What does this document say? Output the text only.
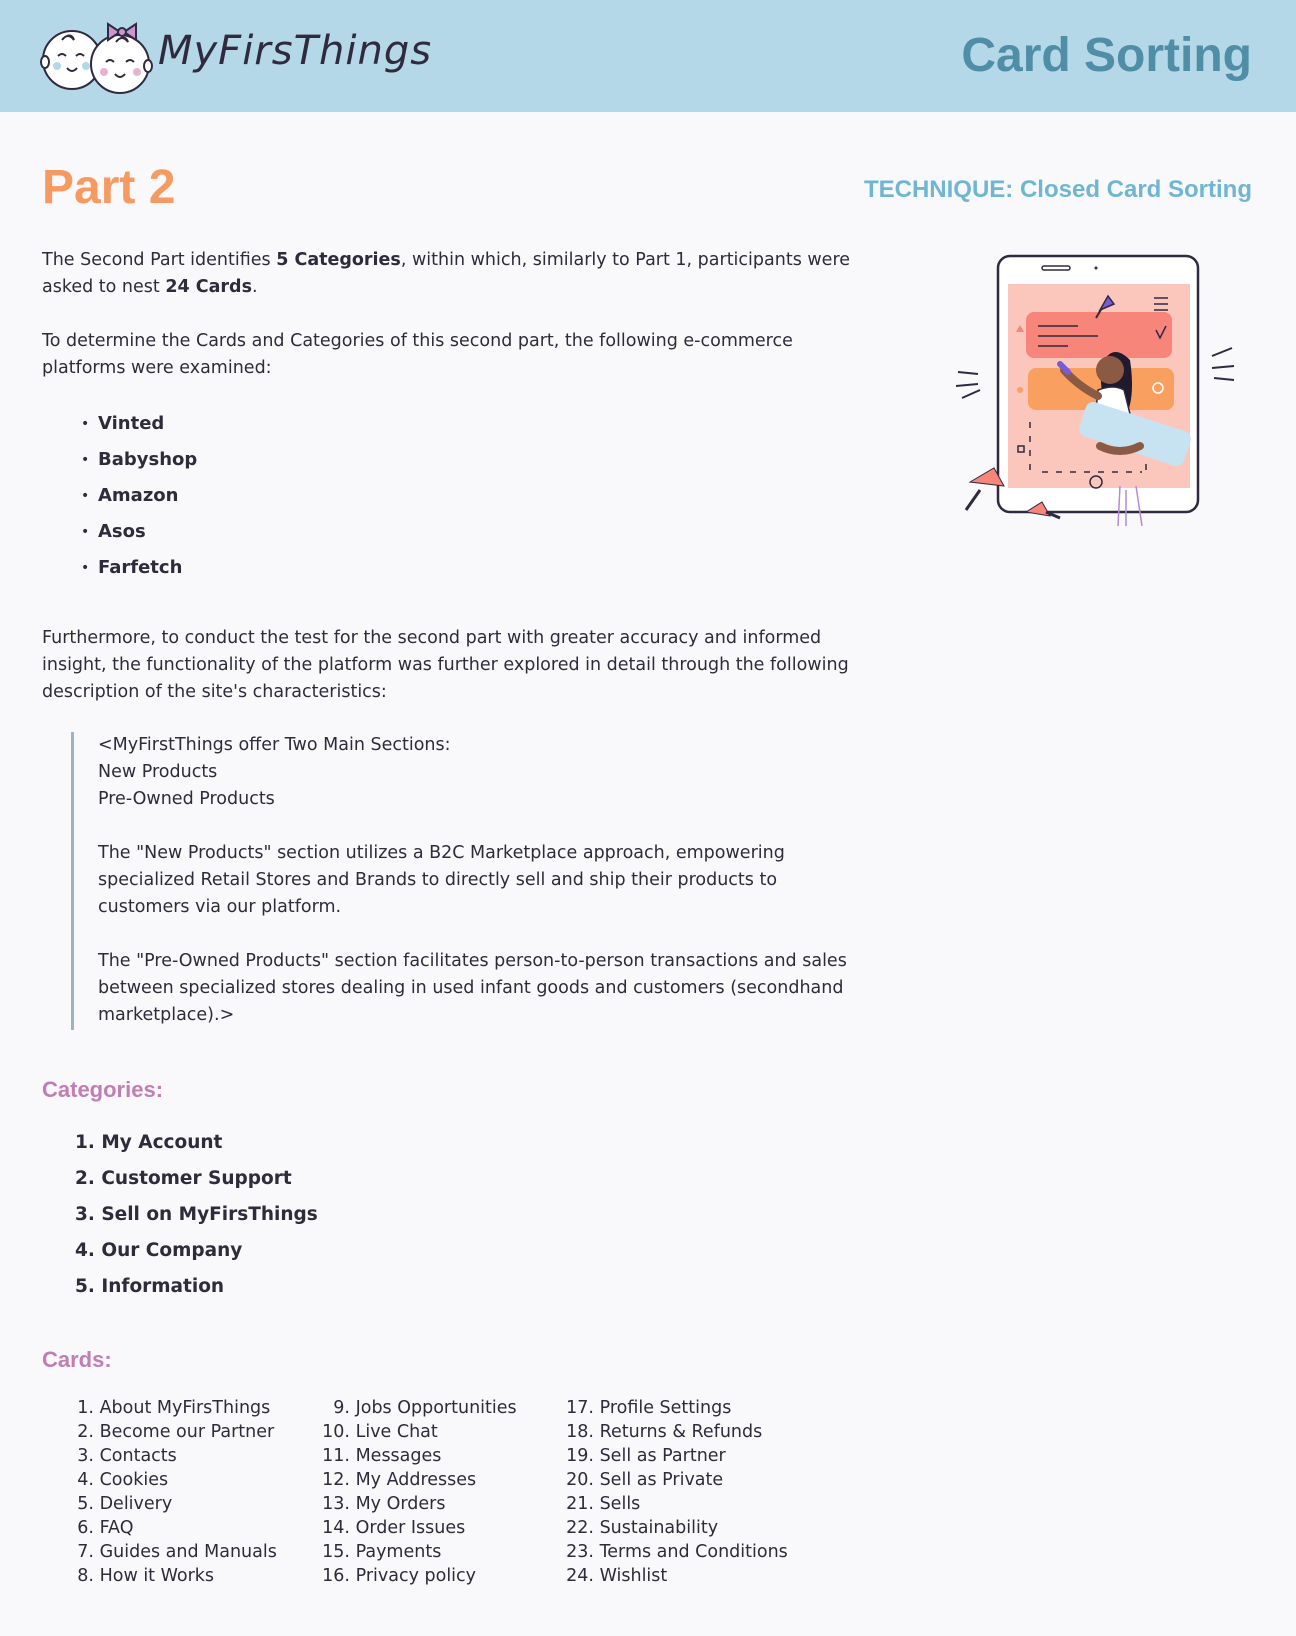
MyFirsThings	Card Sorting
Part 2	TECHNIQUE: Closed Card Sorting

The Second Part identifies 5 Categories, within which, similarly to Part 1, participants were asked to nest 24 Cards.

To determine the Cards and Categories of this second part, the following e-commerce platforms were examined:

• Vinted
• Babyshop
• Amazon
• Asos
• Farfetch

Furthermore, to conduct the test for the second part with greater accuracy and informed insight, the functionality of the platform was further explored in detail through the following description of the site's characteristics:

<MyFirstThings offer Two Main Sections:
New Products
Pre-Owned Products

The "New Products" section utilizes a B2C Marketplace approach, empowering specialized Retail Stores and Brands to directly sell and ship their products to customers via our platform.

The "Pre-Owned Products" section facilitates person-to-person transactions and sales between specialized stores dealing in used infant goods and customers (secondhand marketplace).>

Categories:
1. My Account
2. Customer Support
3. Sell on MyFirsThings
4. Our Company
5. Information
Cards:
1. About MyFirsThings
2. Become our Partner
3. Contacts
4. Cookies
5. Delivery
6. FAQ
7. Guides and Manuals
8. How it Works
9. Jobs Opportunities
10. Live Chat
11. Messages
12. My Addresses
13. My Orders
14. Order Issues
15. Payments
16. Privacy policy
17. Profile Settings
18. Returns & Refunds
19. Sell as Partner
20. Sell as Private
21. Sells
22. Sustainability
23. Terms and Conditions
24. Wishlist
